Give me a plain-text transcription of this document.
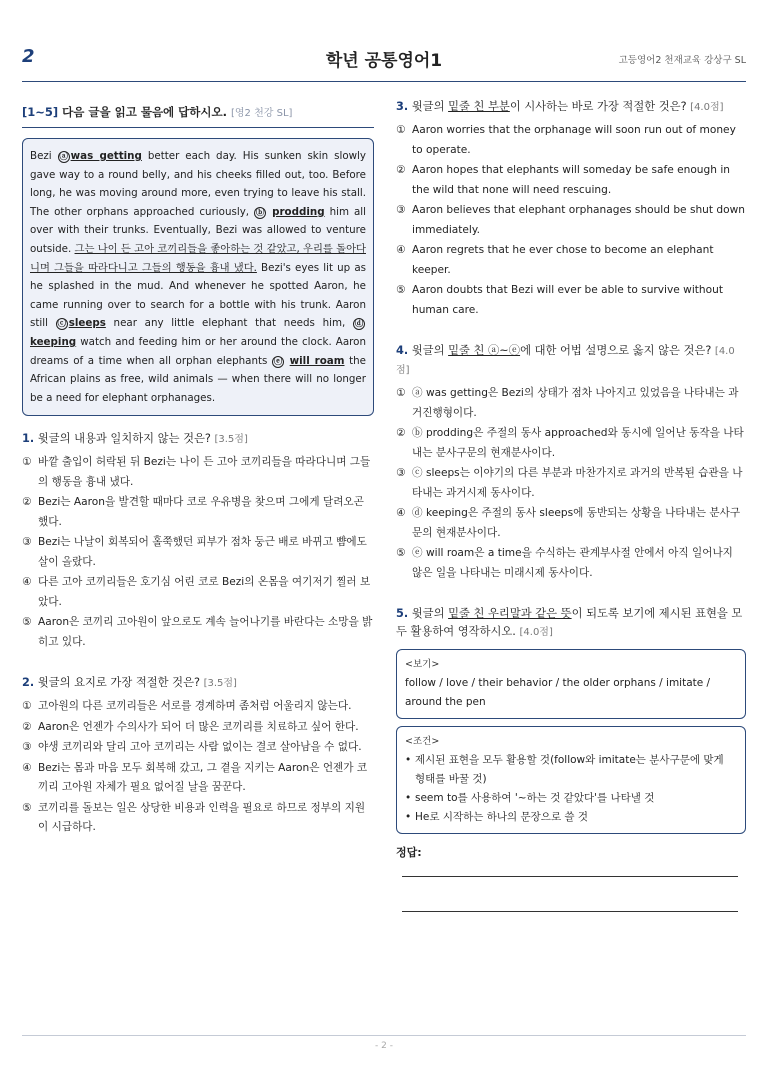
2	학년 공통영어1	고등영어2 천재교육 강상구 SL
[1~5] 다음 글을 읽고 물음에 답하시오. [영2 천강 SL]
Bezi ⓐ was getting better each day. His sunken skin slowly gave way to a round belly, and his cheeks filled out, too. Before long, he was moving around more, even trying to leave his stall. The other orphans approached curiously, ⓑ prodding him all over with their trunks. Eventually, Bezi was allowed to venture outside. 그는 나이 든 고아 코끼리들을 좋아하는 것 같았고, 우리를 돌아다니며 그들을 따라다니고 그들의 행동을 흉내 냈다. Bezi's eyes lit up as he splashed in the mud. And whenever he spotted Aaron, he came running over to search for a bottle with his trunk. Aaron still ⓒ sleeps near any little elephant that needs him, ⓓkeeping watch and feeding him or her around the clock. Aaron dreams of a time when all orphan elephants ⓔ will roam the African plains as free, wild animals — when there will no longer be a need for elephant orphanages.
1. 윗글의 내용과 일치하지 않는 것은? [3.5점]
① 바깥 출입이 허락된 뒤 Bezi는 나이 든 고아 코끼리들을 따라다니며 그들의 행동을 흉내 냈다.
② Bezi는 Aaron을 발견할 때마다 코로 우유병을 찾으며 그에게 달려오곤 했다.
③ Bezi는 나날이 회복되어 홀쭉했던 피부가 점차 둥근 배로 바뀌고 뺨에도 살이 올랐다.
④ 다른 고아 코끼리들은 호기심 어린 코로 Bezi의 온몸을 여기저기 찔러 보았다.
⑤ Aaron은 코끼리 고아원이 앞으로도 계속 늘어나기를 바란다는 소망을 밝히고 있다.
2. 윗글의 요지로 가장 적절한 것은? [3.5점]
① 고아원의 다른 코끼리들은 서로를 경계하며 좀처럼 어울리지 않는다.
② Aaron은 언젠가 수의사가 되어 더 많은 코끼리를 치료하고 싶어 한다.
③ 야생 코끼리와 달리 고아 코끼리는 사람 없이는 결코 살아남을 수 없다.
④ Bezi는 몸과 마음 모두 회복해 갔고, 그 곁을 지키는 Aaron은 언젠가 코끼리 고아원 자체가 필요 없어질 날을 꿈꾼다.
⑤ 코끼리를 돌보는 일은 상당한 비용과 인력을 필요로 하므로 정부의 지원이 시급하다.
3. 윗글의 밑줄 친 부분이 시사하는 바로 가장 적절한 것은? [4.0점]
① Aaron worries that the orphanage will soon run out of money to operate.
② Aaron hopes that elephants will someday be safe enough in the wild that none will need rescuing.
③ Aaron believes that elephant orphanages should be shut down immediately.
④ Aaron regrets that he ever chose to become an elephant keeper.
⑤ Aaron doubts that Bezi will ever be able to survive without human care.
4. 윗글의 밑줄 친 ⓐ~ⓔ에 대한 어법 설명으로 옳지 않은 것은? [4.0점]
① ⓐ was getting은 Bezi의 상태가 점차 나아지고 있었음을 나타내는 과거진행형이다.
② ⓑ prodding은 주절의 동사 approached와 동시에 일어난 동작을 나타내는 분사구문의 현재분사이다.
③ ⓒ sleeps는 이야기의 다른 부분과 마찬가지로 과거의 반복된 습관을 나타내는 과거시제 동사이다.
④ ⓓ keeping은 주절의 동사 sleeps에 동반되는 상황을 나타내는 분사구문의 현재분사이다.
⑤ ⓔ will roam은 a time을 수식하는 관계부사절 안에서 아직 일어나지 않은 일을 나타내는 미래시제 동사이다.
5. 윗글의 밑줄 친 우리말과 같은 뜻이 되도록 보기에 제시된 표현을 모두 활용하여 영작하시오. [4.0점]
<보기>
follow / love / their behavior / the older orphans / imitate / around the pen
<조건>
• 제시된 표현을 모두 활용할 것(follow와 imitate는 분사구문에 맞게 형태를 바꿀 것)
• seem to를 사용하여 '~하는 것 같았다'를 나타낼 것
• He로 시작하는 하나의 문장으로 쓸 것
정답:
- 2 -
